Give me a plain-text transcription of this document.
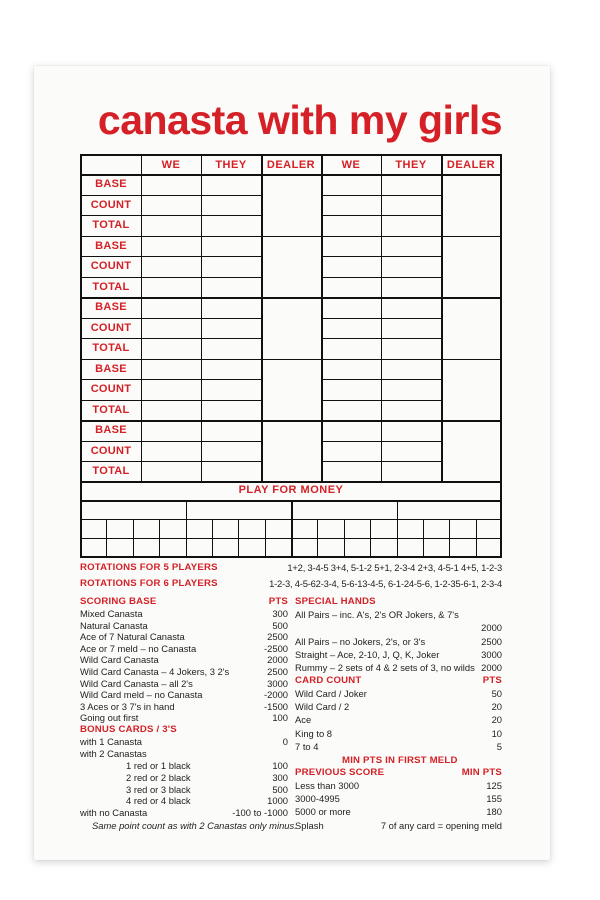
canasta with my girls
WE	THEY	DEALER	WE	THEY	DEALER
BASE
COUNT
TOTAL
BASE
COUNT
TOTAL
BASE
COUNT
TOTAL
BASE
COUNT
TOTAL
BASE
COUNT
TOTAL
PLAY FOR MONEY
ROTATIONS FOR 5 PLAYERS	1+2, 3-4-5 3+4, 5-1-2 5+1, 2-3-4 2+3, 4-5-1 4+5, 1-2-3
ROTATIONS FOR 6 PLAYERS	1-2-3, 4-5-62-3-4, 5-6-13-4-5, 6-1-24-5-6, 1-2-35-6-1, 2-3-4
SCORING BASE	PTS
Mixed Canasta	300
Natural Canasta	500
Ace of 7 Natural Canasta	2500
Ace or 7 meld – no Canasta	-2500
Wild Card Canasta	2000
Wild Card Canasta – 4 Jokers, 3 2's	2500
Wild Card Canasta – all 2's	3000
Wild Card meld – no Canasta	-2000
3 Aces or 3 7's in hand	-1500
Going out first	100
BONUS CARDS / 3'S
with 1 Canasta	0
with 2 Canastas
1 red or 1 black	100
2 red or 2 black	300
3 red or 3 black	500
4 red or 4 black	1000
with no Canasta	-100 to -1000
Same point count as with 2 Canastas only minus.
SPECIAL HANDS
All Pairs – inc. A's, 2's OR Jokers, & 7's
2000
All Pairs – no Jokers, 2's, or 3's	2500
Straight – Ace, 2-10, J, Q, K, Joker	3000
Rummy – 2 sets of 4 & 2 sets of 3, no wilds 2000
CARD COUNT	PTS
Wild Card / Joker	50
Wild Card / 2	20
Ace	20
King to 8	10
7 to 4	5
MIN PTS IN FIRST MELD
PREVIOUS SCORE	MIN PTS
Less than 3000	125
3000-4995	155
5000 or more	180
Splash	7 of any card = opening meld
